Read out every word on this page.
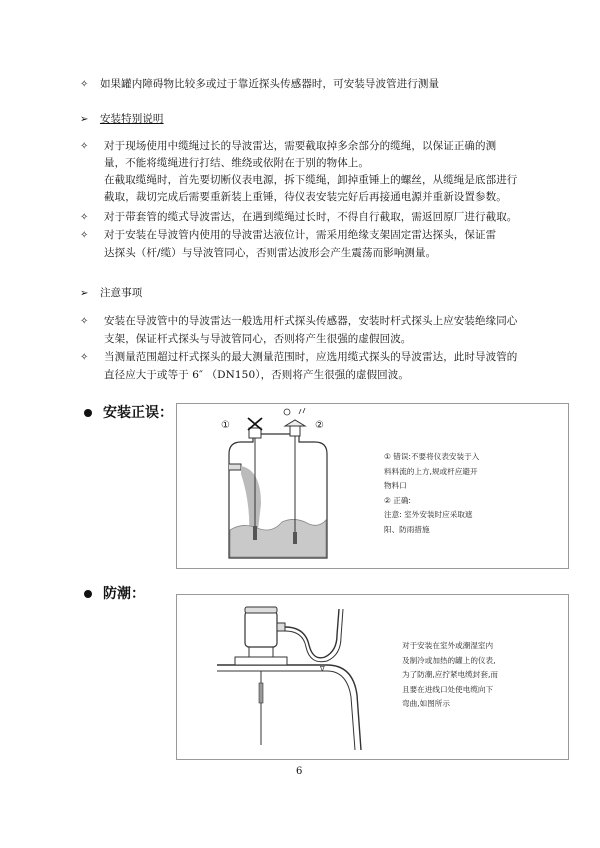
✧ 如果罐内障碍物比较多或过于靠近探头传感器时，可安装导波管进行测量
➢ 安装特别说明
✧ 对于现场使用中缆绳过长的导波雷达，需要截取掉多余部分的缆绳，以保证正确的测
量，不能将缆绳进行打结、维绕或依附在于别的物体上。
在截取缆绳时，首先要切断仪表电源，拆下缆绳，卸掉重锤上的螺丝，从缆绳是底部进行
截取，裁切完成后需要重新装上重锤，待仪表安装完好后再接通电源并重新设置参数。
✧ 对于带套管的缆式导波雷达，在遇到缆绳过长时，不得自行截取，需返回原厂进行截取。
✧ 对于安装在导波管内使用的导波雷达液位计，需采用绝缘支架固定雷达探头，保证雷
达探头（杆/缆）与导波管同心，否则雷达波形会产生震荡而影响测量。
➢ 注意事项
✧ 安装在导波管中的导波雷达一般选用杆式探头传感器，安装时杆式探头上应安装绝缘同心
支架，保证杆式探头与导波管同心，否则将产生很强的虚假回波。
✧ 当测量范围超过杆式探头的最大测量范围时，应选用缆式探头的导波雷达，此时导波管的
直径应大于或等于 6″ （DN150），否则将产生很强的虚假回波。
安装正误：
①	②
① 错误:不要将仪表安装于入
料料流的上方,规或杆应避开
物料口
② 正确:
注意: 室外安装时应采取遮
阳、防雨措施
防潮：
∇
对于安装在室外或潮湿室内
及制冷或加热的罐上的仪表,
为了防潮,应拧紧电缆封套,而
且要在进线口处使电缆向下
弯曲,如图所示
6
